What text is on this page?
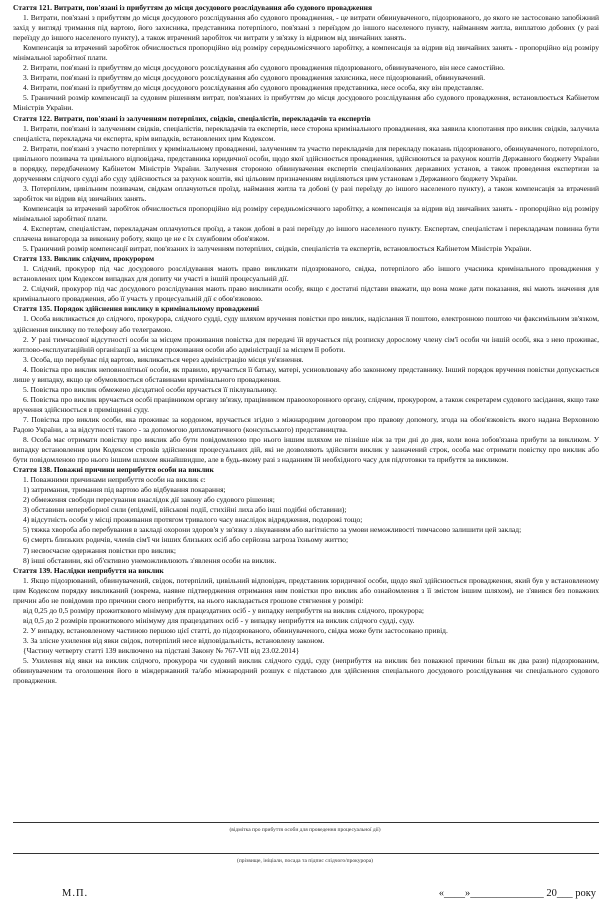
Стаття 121. Витрати, пов'язані із прибуттям до місця досудового розслідування або судового провадження

1. Витрати, пов'язані з прибуттям до місця досудового розслідування або судового провадження, - це витрати обвинуваченого, підозрюваного, до якого не застосовано запобіжний захід у вигляді тримання під вартою, його захисника, представника потерпілого, пов'язані з переїздом до іншого населеного пункту, найманням житла, виплатою добових (у разі переїзду до іншого населеного пункту), а також втрачений заробіток чи витрати у зв'язку із відривом від звичайних занять.

Компенсація за втрачений заробіток обчислюється пропорційно від розміру середньомісячного заробітку, а компенсація за відрив від звичайних занять - пропорційно від розміру мінімальної заробітної плати.

2. Витрати, пов'язані із прибуттям до місця досудового розслідування або судового провадження підозрюваного, обвинуваченого, він несе самостійно.

3. Витрати, пов'язані із прибуттям до місця досудового розслідування або судового провадження захисника, несе підозрюваний, обвинувачений.

4. Витрати, пов'язані із прибуттям до місця досудового розслідування або судового провадження представника, несе особа, яку він представляє.

5. Граничний розмір компенсації за судовим рішенням витрат, пов'язаних із прибуттям до місця досудового розслідування або судового провадження, встановлюється Кабінетом Міністрів України.

Стаття 122. Витрати, пов'язані із залученням потерпілих, свідків, спеціалістів, перекладачів та експертів

1. Витрати, пов'язані із залученням свідків, спеціалістів, перекладачів та експертів, несе сторона кримінального провадження, яка заявила клопотання про виклик свідків, залучила спеціаліста, перекладача чи експерта, крім випадків, встановлених цим Кодексом.

2. Витрати, пов'язані з участю потерпілих у кримінальному провадженні, залученням та участю перекладачів для перекладу показань підозрюваного, обвинуваченого, потерпілого, цивільного позивача та цивільного відповідача, представника юридичної особи, щодо якої здійснюється провадження, здійснюються за рахунок коштів Державного бюджету України в порядку, передбаченому Кабінетом Міністрів України. Залучення стороною обвинувачення експертів спеціалізованих державних установ, а також проведення експертизи за дорученням слідчого судді або суду здійснюється за рахунок коштів, які цільовим призначенням виділяються цим установам з Державного бюджету України.

3. Потерпілим, цивільним позивачам, свідкам оплачуються проїзд, наймання житла та добові (у разі переїзду до іншого населеного пункту), а також компенсація за втрачений заробіток чи відрив від звичайних занять.

Компенсація за втрачений заробіток обчислюється пропорційно від розміру середньомісячного заробітку, а компенсація за відрив від звичайних занять - пропорційно від розміру мінімальної заробітної плати.

4. Експертам, спеціалістам, перекладачам оплачуються проїзд, а також добові в разі переїзду до іншого населеного пункту. Експертам, спеціалістам і перекладачам повинна бути сплачена винагорода за виконану роботу, якщо це не є їх службовим обов'язком.

5. Граничний розмір компенсації витрат, пов'язаних із залученням потерпілих, свідків, спеціалістів та експертів, встановлюється Кабінетом Міністрів України.

Стаття 133. Виклик слідчим, прокурором

1. Слідчий, прокурор під час досудового розслідування мають право викликати підозрюваного, свідка, потерпілого або іншого учасника кримінального провадження у встановлених цим Кодексом випадках для допиту чи участі в іншій процесуальній дії.

2. Слідчий, прокурор під час досудового розслідування мають право викликати особу, якщо є достатні підстави вважати, що вона може дати показання, які мають значення для кримінального провадження, або її участь у процесуальній дії є обов'язковою.

Стаття 135. Порядок здійснення виклику в кримінальному провадженні

1. Особа викликається до слідчого, прокурора, слідчого судді, суду шляхом вручення повістки про виклик, надіслання її поштою, електронною поштою чи факсимільним зв'язком, здійснення виклику по телефону або телеграмою.

2. У разі тимчасової відсутності особи за місцем проживання повістка для передачі їй вручається під розписку дорослому члену сім'ї особи чи іншій особі, яка з нею проживає, житлово-експлуатаційній організації за місцем проживання особи або адміністрації за місцем її роботи.

3. Особа, що перебуває під вартою, викликається через адміністрацію місця ув'язнення.

4. Повістка про виклик неповнолітньої особи, як правило, вручається її батьку, матері, усиновлювачу або законному представнику. Інший порядок вручення повістки допускається лише у випадку, якщо це обумовлюється обставинами кримінального провадження.

5. Повістка про виклик обмежено дієздатної особи вручається її піклувальнику.

6. Повістка про виклик вручається особі працівником органу зв'язку, працівником правоохоронного органу, слідчим, прокурором, а також секретарем судового засідання, якщо таке вручення здійснюється в приміщенні суду.

7. Повістка про виклик особи, яка проживає за кордоном, вручається згідно з міжнародним договором про правову допомогу, згода на обов'язковість якого надана Верховною Радою України, а за відсутності такого - за допомогою дипломатичного (консульського) представництва.

8. Особа має отримати повістку про виклик або бути повідомленою про нього іншим шляхом не пізніше ніж за три дні до дня, коли вона зобов'язана прибути за викликом. У випадку встановлення цим Кодексом строків здійснення процесуальних дій, які не дозволяють здійснити виклик у зазначений строк, особа має отримати повістку про виклик або бути повідомленою про нього іншим шляхом якнайшвидше, але в будь-якому разі з наданням їй необхідного часу для підготовки та прибуття за викликом.

Стаття 138. Поважні причини неприбуття особи на виклик

1. Поважними причинами неприбуття особи на виклик є:

1) затримання, тримання під вартою або відбування покарання;

2) обмеження свободи пересування внаслідок дії закону або судового рішення;

3) обставини непереборної сили (епідемії, військові події, стихійні лиха або інші подібні обставини);

4) відсутність особи у місці проживання протягом тривалого часу внаслідок відрядження, подорожі тощо;

5) тяжка хвороба або перебування в закладі охорони здоров'я у зв'язку з лікуванням або вагітністю за умови неможливості тимчасово залишити цей заклад;

6) смерть близьких родичів, членів сім'ї чи інших близьких осіб або серйозна загроза їхньому життю;

7) несвоєчасне одержання повістки про виклик;

8) інші обставини, які об'єктивно унеможливлюють з'явлення особи на виклик.

Стаття 139. Наслідки неприбуття на виклик

1. Якщо підозрюваний, обвинувачений, свідок, потерпілий, цивільний відповідач, представник юридичної особи, щодо якої здійснюється провадження, який був у встановленому цим Кодексом порядку викликаний (зокрема, наявне підтвердження отримання ним повістки про виклик або ознайомлення з її змістом іншим шляхом), не з'явився без поважних причин або не повідомив про причини свого неприбуття, на нього накладається грошове стягнення у розмірі:

від 0,25 до 0,5 розміру прожиткового мінімуму для працездатних осіб - у випадку неприбуття на виклик слідчого, прокурора;

від 0,5 до 2 розмірів прожиткового мінімуму для працездатних осіб - у випадку неприбуття на виклик слідчого судді, суду.

2. У випадку, встановленому частиною першою цієї статті, до підозрюваного, обвинуваченого, свідка може бути застосовано привід.

3. За злісне ухилення від явки свідок, потерпілий несе відповідальність, встановлену законом.

{Частину четверту статті 139 виключено на підставі Закону № 767-VII від 23.02.2014}

5. Ухилення від явки на виклик слідчого, прокурора чи судовий виклик слідчого судді, суду (неприбуття на виклик без поважної причини більш як два рази) підозрюваним, обвинуваченим та оголошення його в міждержавний та/або міжнародний розшук є підставою для здійснення спеціального досудового розслідування чи спеціального судового провадження.

(відмітка про прибуття особи для проведення процесуальної дії)
(прізвище, ініціали, посада та підпис слідчого/прокурора)
М.П.	«____»______________ 20___ року
